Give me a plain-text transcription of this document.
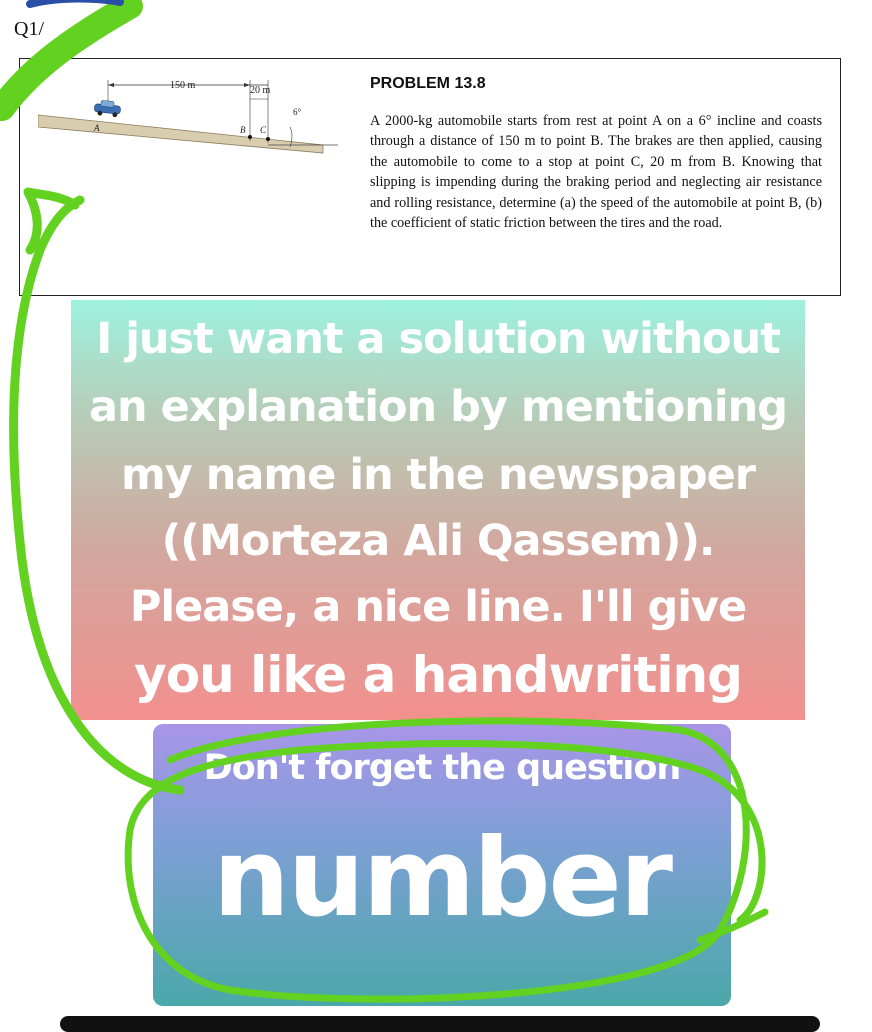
Q1/
150 m	20 m
6°
A	B C
PROBLEM 13.8
A 2000-kg automobile starts from rest at point A on a 6° incline and coasts through a distance of 150 m to point B. The brakes are then applied, causing the automobile to come to a stop at point C, 20 m from B. Knowing that slipping is impending during the braking period and neglecting air resistance and rolling resistance, determine (a) the speed of the automobile at point B, (b) the coefficient of static friction between the tires and the road.
I just want a solution without
an explanation by mentioning
my name in the newspaper
((Morteza Ali Qassem)).
Please, a nice line. I'll give
you like a handwriting
Don't forget the question
number
